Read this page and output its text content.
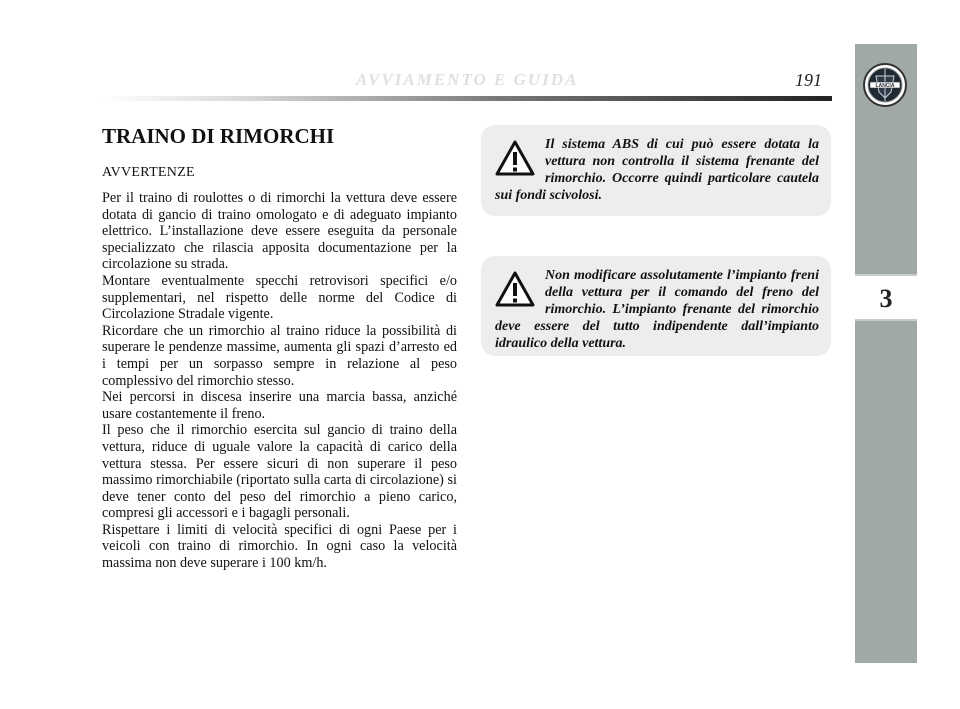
AVVIAMENTO E GUIDA	191	LANCIA
3
TRAINO DI RIMORCHI
AVVERTENZE

Per il traino di roulottes o di rimorchi la vettura deve essere dotata di gancio di traino omologato e di adeguato impianto elettrico. L’installazione deve essere eseguita da personale specializzato che rilascia apposita documentazione per la circolazione su strada.

Montare eventualmente specchi retrovisori specifici e/o supplementari, nel rispetto delle norme del Codice di Circolazione Stradale vigente.

Ricordare che un rimorchio al traino riduce la possibilità di superare le pendenze massime, aumenta gli spazi d’arresto ed i tempi per un sorpasso sempre in relazione al peso complessivo del rimorchio stesso.

Nei percorsi in discesa inserire una marcia bassa, anziché usare costantemente il freno.

Il peso che il rimorchio esercita sul gancio di traino della vettura, riduce di uguale valore la capacità di carico della vettura stessa. Per essere sicuri di non superare il peso massimo rimorchiabile (riportato sulla carta di circolazione) si deve tener conto del peso del rimorchio a pieno carico, compresi gli accessori e i bagagli personali.

Rispettare i limiti di velocità specifici di ogni Paese per i veicoli con traino di rimorchio. In ogni caso la velocità massima non deve superare i 100 km/h.

Il sistema ABS di cui può essere dotata la vettura non controlla il sistema frenante del rimorchio. Occorre quindi particolare cautela sui fondi scivolosi.
Non modificare assolutamente l’impianto freni della vettura per il comando del freno del rimorchio. L’impianto frenante del rimorchio deve essere del tutto indipendente dall’impianto idraulico della vettura.
